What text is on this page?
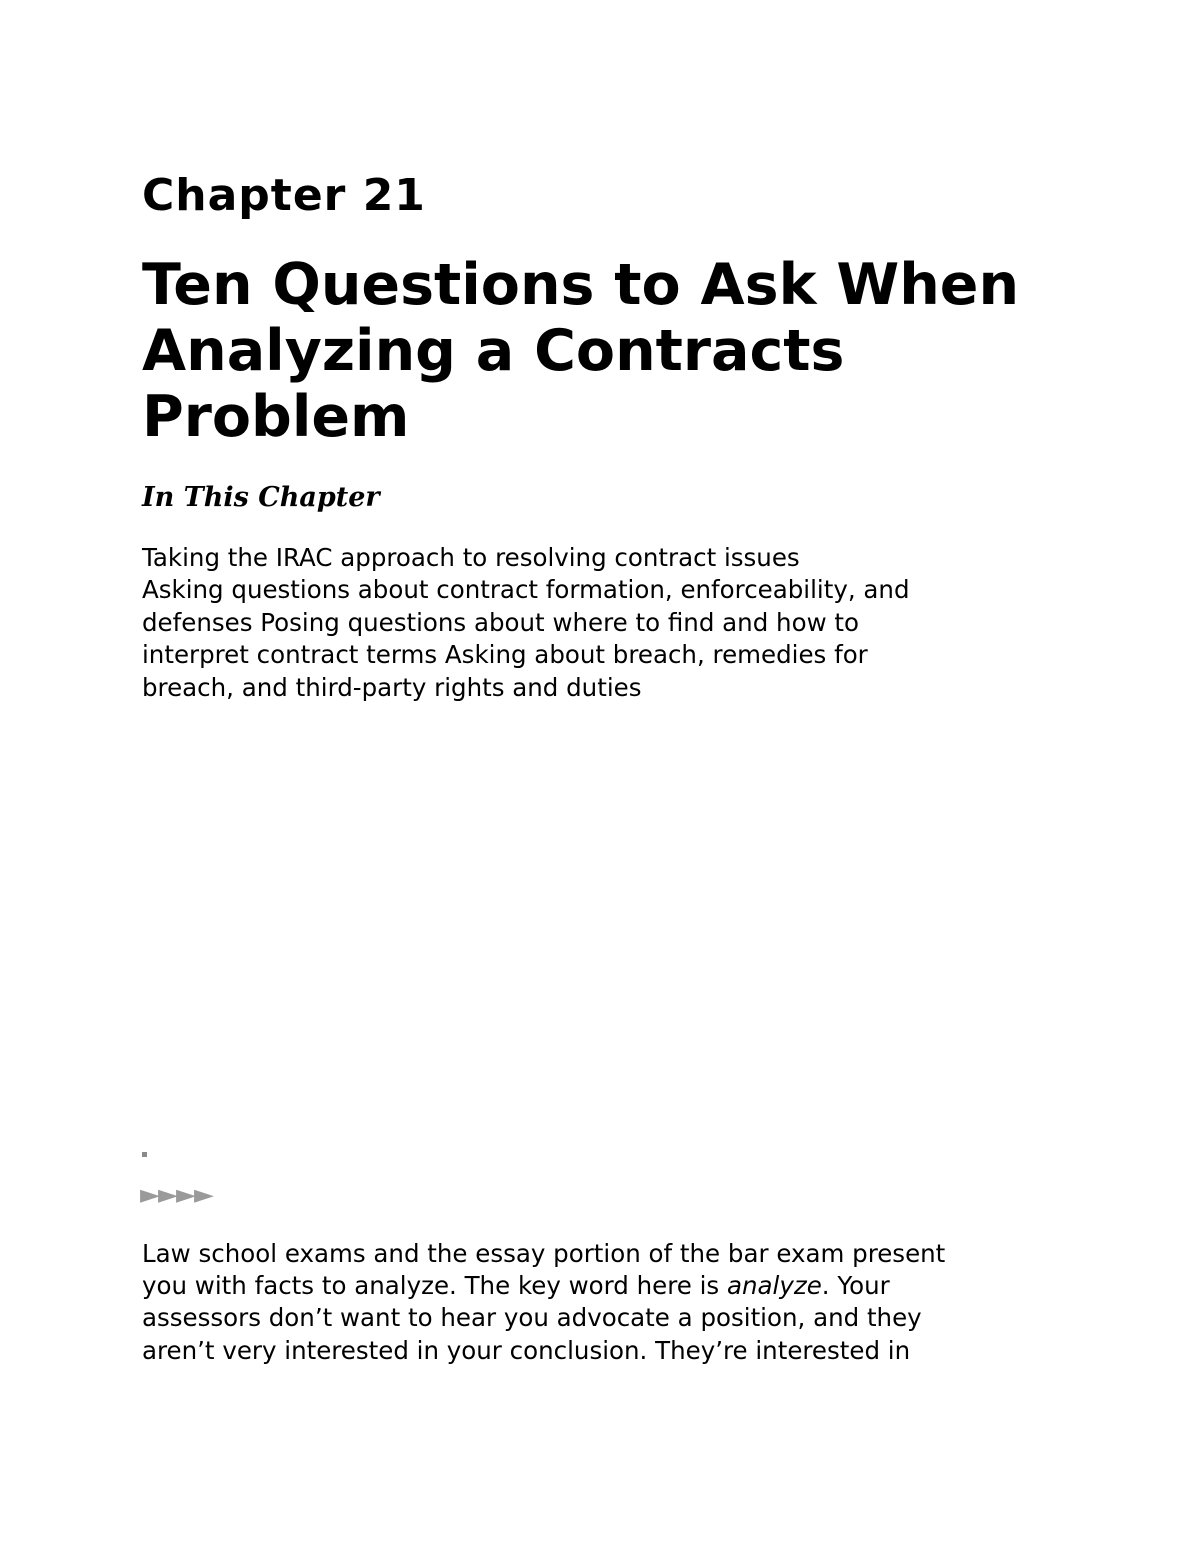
Chapter 21
Ten Questions to Ask When
Analyzing a Contracts
Problem
In This Chapter

Taking the IRAC approach to resolving contract issues
Asking questions about contract formation, enforceability, and
defenses Posing questions about where to find and how to
interpret contract terms Asking about breach, remedies for
breach, and third-party rights and duties

►►►►

Law school exams and the essay portion of the bar exam present
you with facts to analyze. The key word here is analyze. Your
assessors don’t want to hear you advocate a position, and they
aren’t very interested in your conclusion. They’re interested in
